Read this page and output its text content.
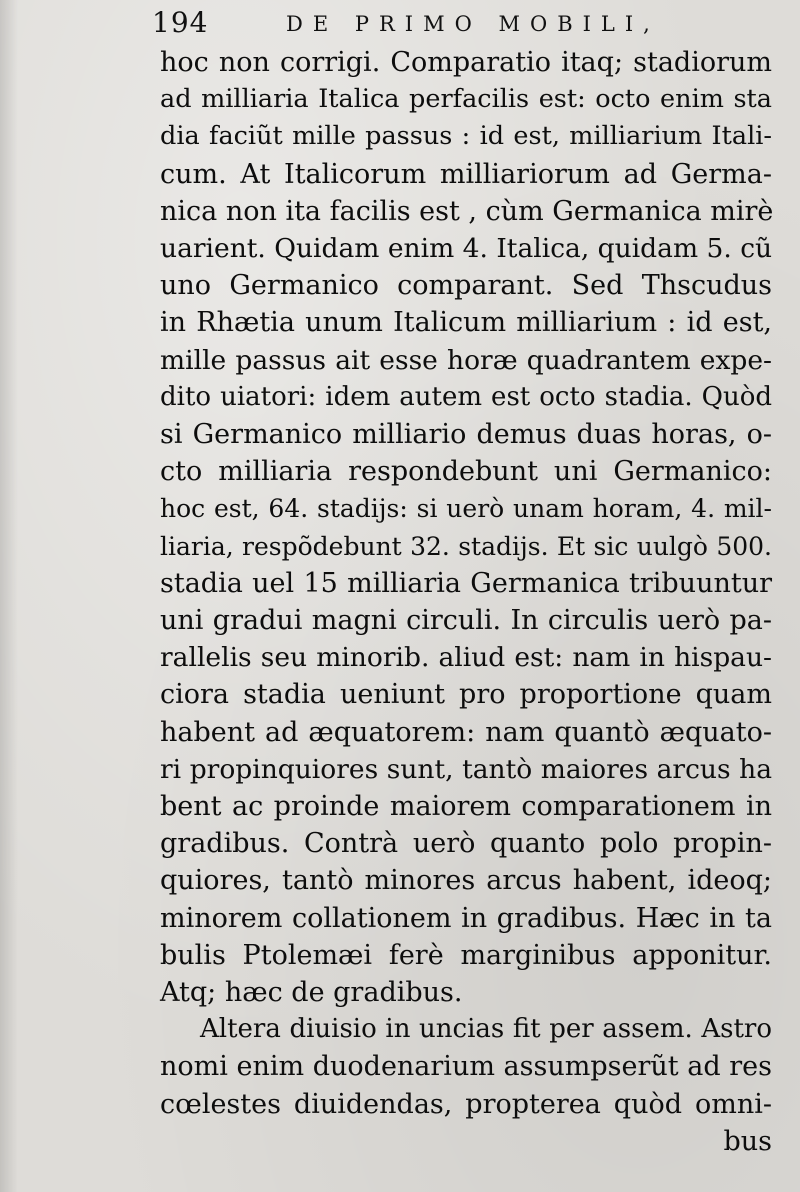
194	DE PRIMO MOBILI,
hoc non corrigi. Comparatio itaq; stadiorum
ad milliaria Italica perfacilis est: octo enim sta
dia faciũt mille passus : id est, milliarium Itali-
cum. At Italicorum milliariorum ad Germa-
nica non ita facilis est , cùm Germanica mirè
uarient. Quidam enim 4. Italica, quidam 5. cũ
uno Germanico comparant. Sed Thscudus
in Rhætia unum Italicum milliarium : id est,
mille passus ait esse horæ quadrantem expe-
dito uiatori: idem autem est octo stadia. Quòd
si Germanico milliario demus duas horas, o-
cto milliaria respondebunt uni Germanico:
hoc est, 64. stadijs: si uerò unam horam, 4. mil-
liaria, respõdebunt 32. stadijs. Et sic uulgò 500.
stadia uel 15 milliaria Germanica tribuuntur
uni gradui magni circuli. In circulis uerò pa-
rallelis seu minorib. aliud est: nam in hispau-
ciora stadia ueniunt pro proportione quam
habent ad æquatorem: nam quantò æquato-
ri propinquiores sunt, tantò maiores arcus ha
bent ac proinde maiorem comparationem in
gradibus. Contrà uerò quanto polo propin-
quiores, tantò minores arcus habent, ideoq;
minorem collationem in gradibus. Hæc in ta
bulis Ptolemæi ferè marginibus apponitur.
Atq; hæc de gradibus.
Altera diuisio in uncias fit per assem. Astro
nomi enim duodenarium assumpserũt ad res
cœlestes diuidendas, propterea quòd omni-
bus
